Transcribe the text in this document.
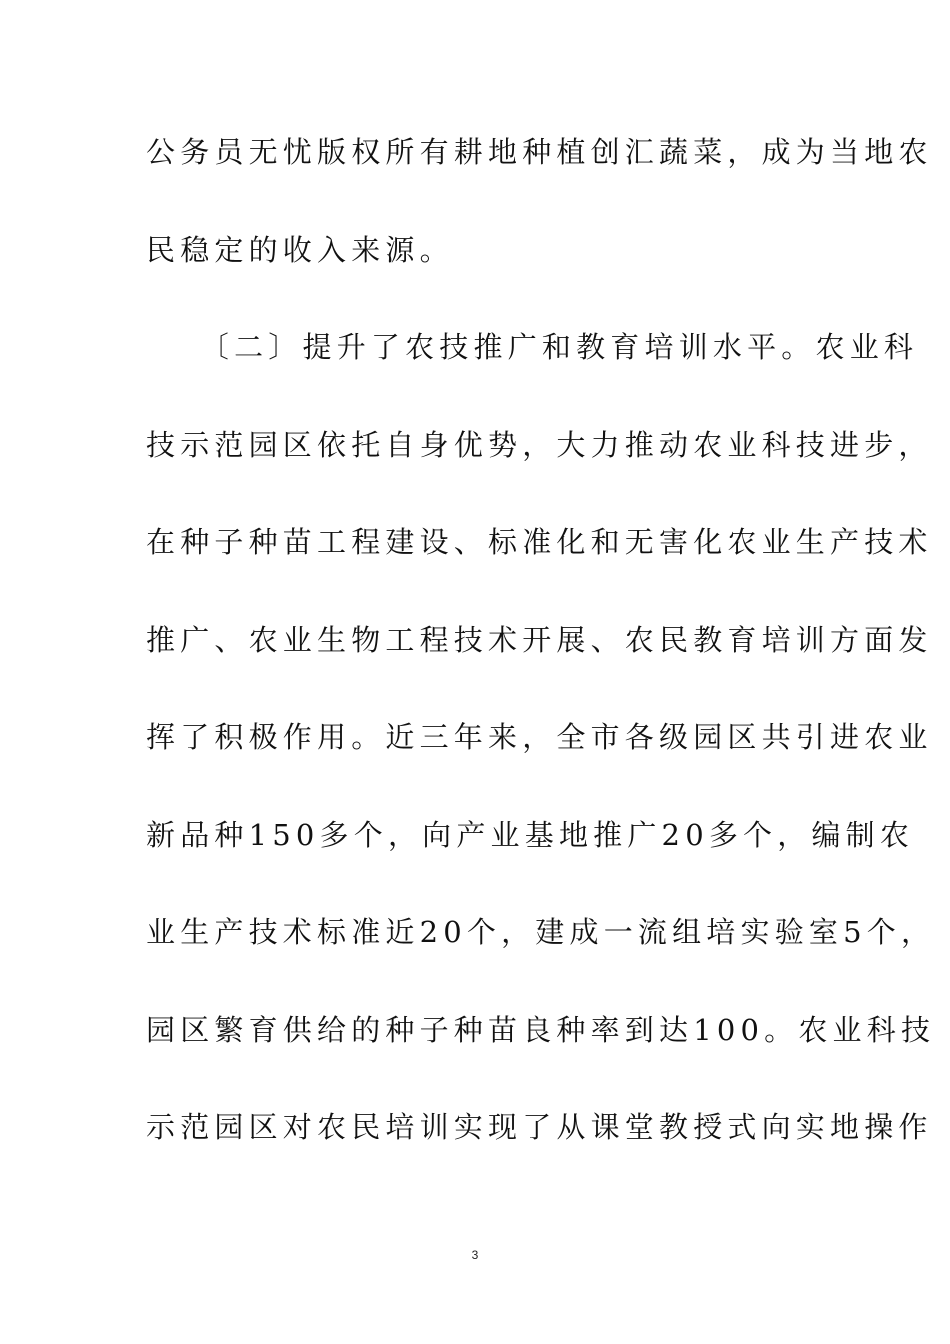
公务员无忧版权所有耕地种植创汇蔬菜，成为当地农
民稳定的收入来源。
　　〔二〕提升了农技推广和教育培训水平。农业科
技示范园区依托自身优势，大力推动农业科技进步，
在种子种苗工程建设、标准化和无害化农业生产技术
推广、农业生物工程技术开展、农民教育培训方面发
挥了积极作用。近三年来，全市各级园区共引进农业
新品种150多个，向产业基地推广20多个，编制农
业生产技术标准近20个，建成一流组培实验室5个，
园区繁育供给的种子种苗良种率到达100。农业科技
示范园区对农民培训实现了从课堂教授式向实地操作
3
